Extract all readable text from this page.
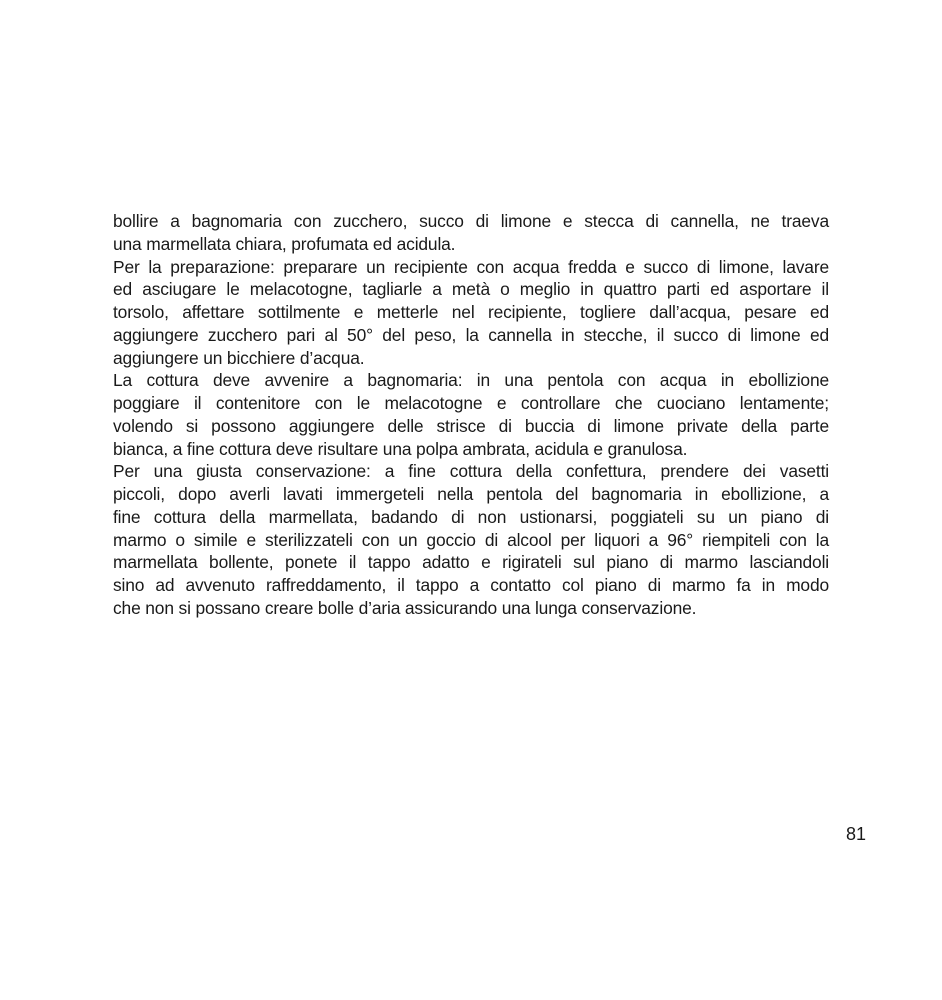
bollire a bagnomaria con zucchero, succo di limone e stecca di cannella, ne traeva
una marmellata chiara, profumata ed acidula.
Per la preparazione: preparare un recipiente con acqua fredda e succo di limone, lavare
ed asciugare le melacotogne, tagliarle a metà o meglio in quattro parti ed asportare il
torsolo, affettare sottilmente e metterle nel recipiente, togliere dall’acqua, pesare ed
aggiungere zucchero pari al 50° del peso, la cannella in stecche, il succo di limone ed
aggiungere un bicchiere d’acqua.
La cottura deve avvenire a bagnomaria: in una pentola con acqua in ebollizione
poggiare il contenitore con le melacotogne e controllare che cuociano lentamente;
volendo si possono aggiungere delle strisce di buccia di limone private della parte
bianca, a fine cottura deve risultare una polpa ambrata, acidula e granulosa.
Per una giusta conservazione: a fine cottura della confettura, prendere dei vasetti
piccoli, dopo averli lavati immergeteli nella pentola del bagnomaria in ebollizione, a
fine cottura della marmellata, badando di non ustionarsi, poggiateli su un piano di
marmo o simile e sterilizzateli con un goccio di alcool per liquori a 96° riempiteli con la
marmellata bollente, ponete il tappo adatto e rigirateli sul piano di marmo lasciandoli
sino ad avvenuto raffreddamento, il tappo a contatto col piano di marmo fa in modo
che non si possano creare bolle d’aria assicurando una lunga conservazione.
81
